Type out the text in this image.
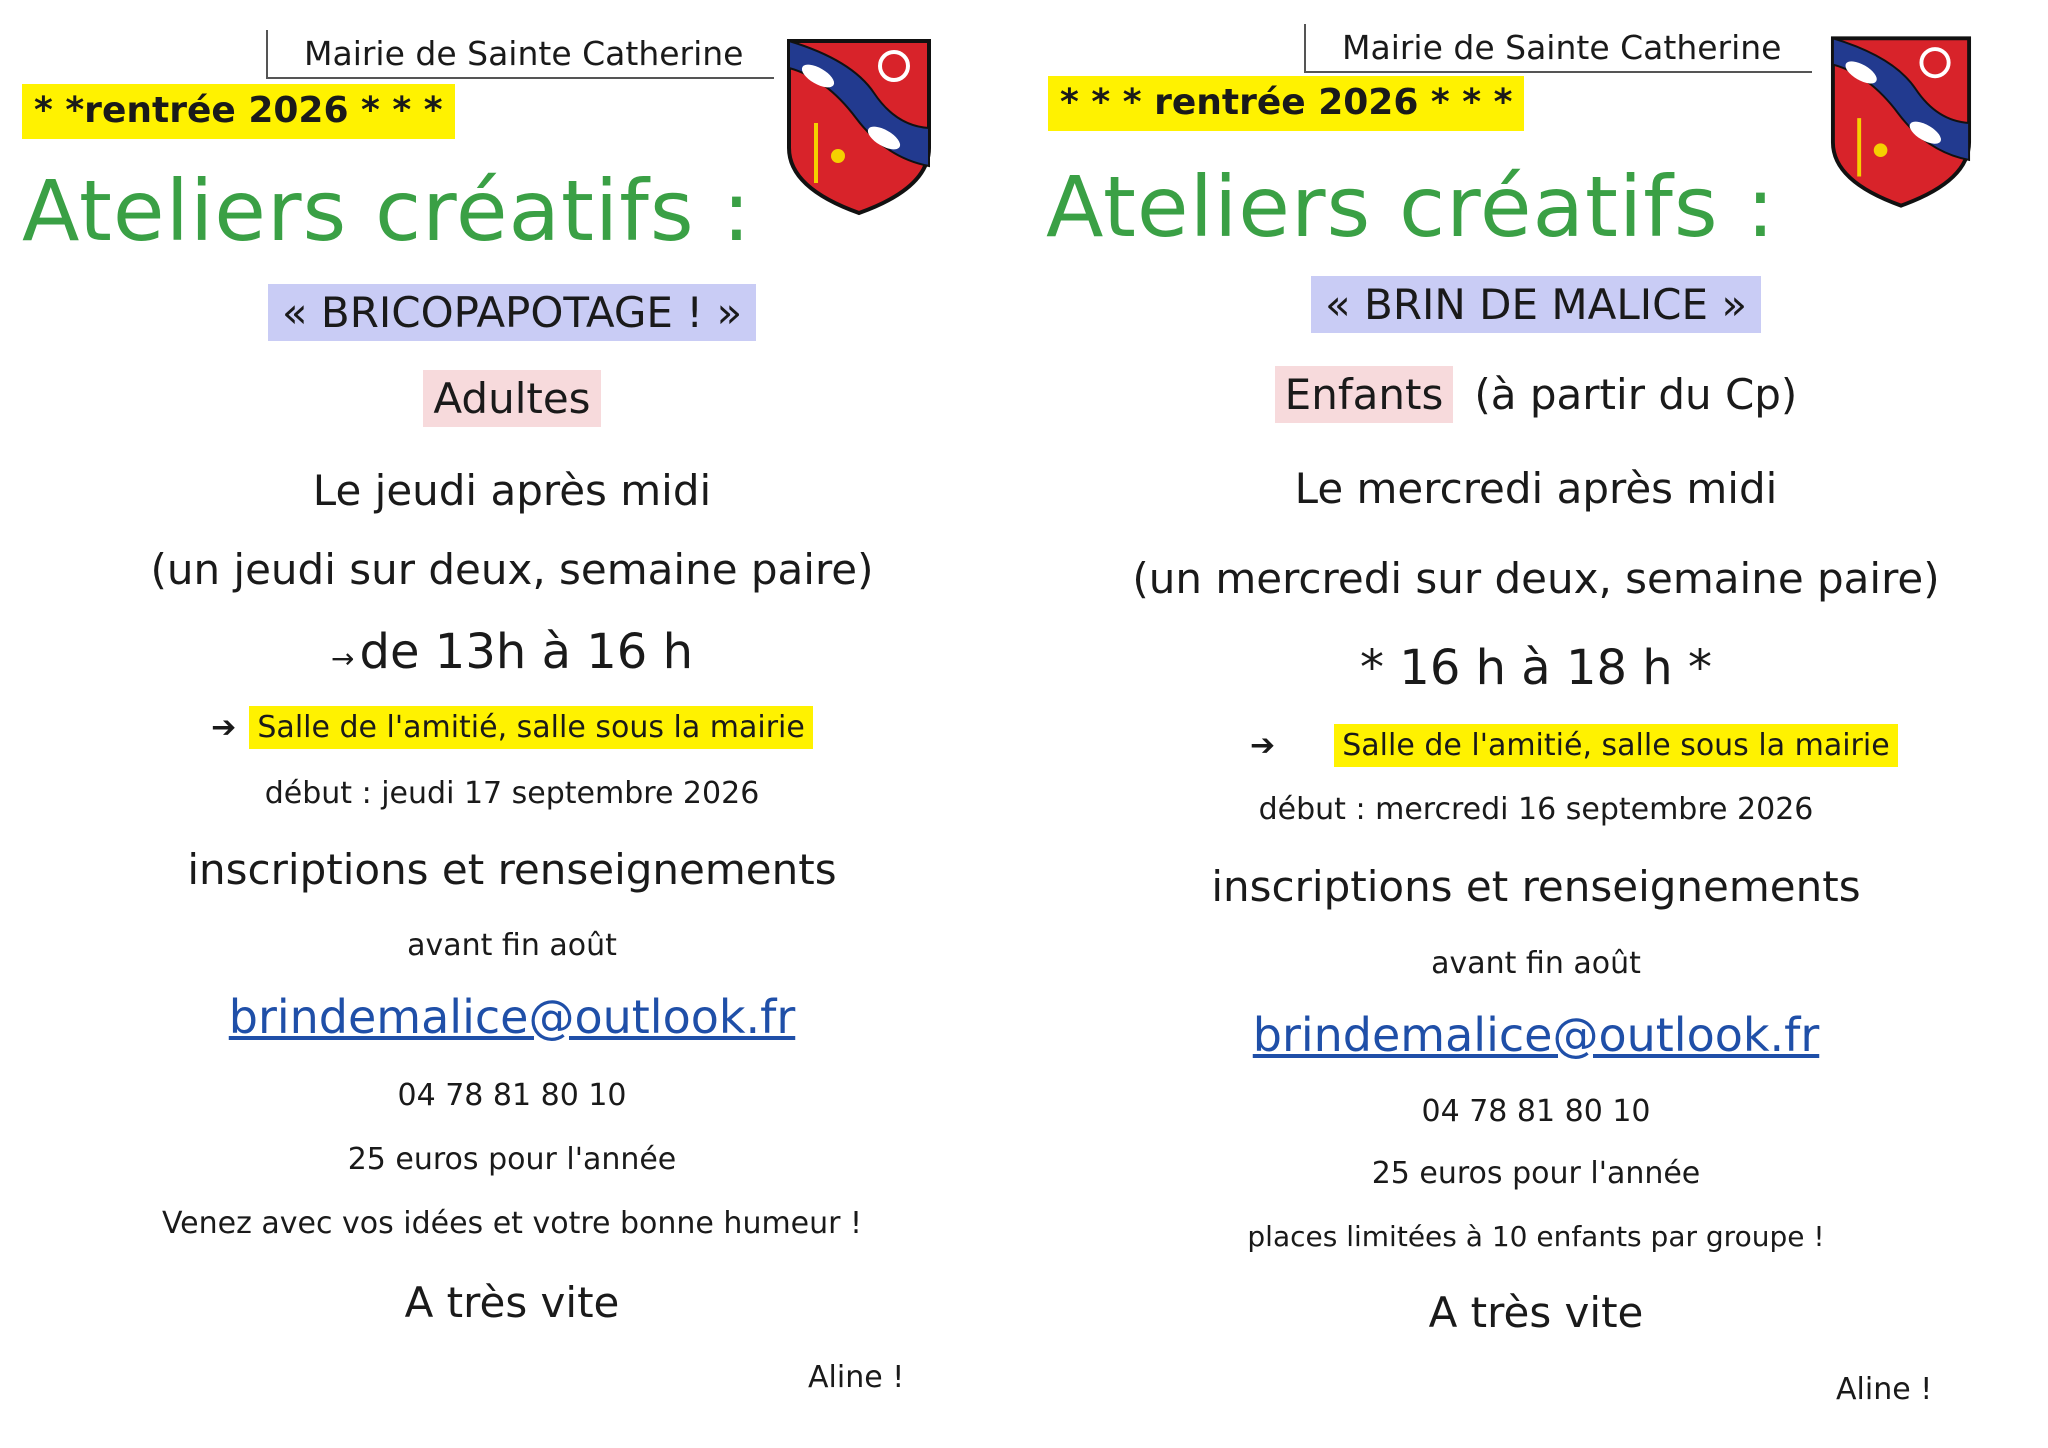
Mairie de Sainte Catherine
* *rentrée 2026 * * *
Ateliers créatifs :
« BRICOPAPOTAGE ! »
Adultes
Le jeudi après midi
(un jeudi sur deux, semaine paire)
→ de 13h à 16 h
➔ Salle de l'amitié, salle sous la mairie
début : jeudi 17 septembre 2026
inscriptions et renseignements
avant fin août
brindemalice@outlook.fr
04 78 81 80 10
25 euros pour l'année
Venez avec vos idées et votre bonne humeur !
A très vite
Aline !
Mairie de Sainte Catherine
* * * rentrée 2026 * * *
Ateliers créatifs :
« BRIN DE MALICE »
Enfants (à partir du Cp)
Le mercredi après midi
(un mercredi sur deux, semaine paire)
* 16 h à 18 h *
➔ Salle de l'amitié, salle sous la mairie
début : mercredi 16 septembre 2026
inscriptions et renseignements
avant fin août
brindemalice@outlook.fr
04 78 81 80 10
25 euros pour l'année
places limitées à 10 enfants par groupe !
A très vite
Aline !
